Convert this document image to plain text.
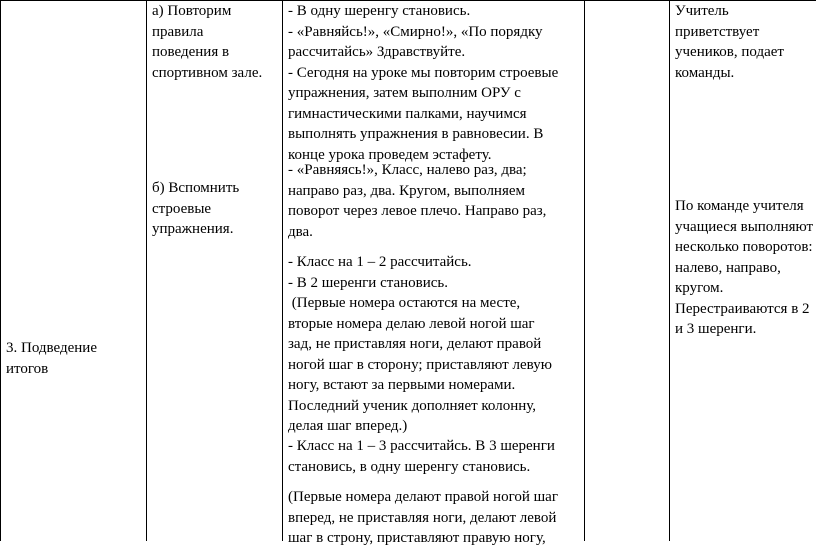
3. Подведение

итогов

а) Повторим

правила

поведения в

спортивном зале.

б) Вспомнить

строевые

упражнения.

- В одну шеренгу становись.

- «Равняйсь!», «Смирно!», «По порядку

рассчитайсь» Здравствуйте.

- Сегодня на уроке мы повторим строевые

упражнения, затем выполним ОРУ с

гимнастическими палками, научимся

выполнять упражнения в равновесии. В

конце урока проведем эстафету.

- «Равняясь!», Класс, налево раз, два;

направо раз, два. Кругом, выполняем

поворот через левое плечо. Направо раз,

два.

- Класс на 1 – 2 рассчитайсь.

- В 2 шеренги становись.

(Первые номера остаются на месте,

вторые номера делаю левой ногой шаг

зад, не приставляя ноги, делают правой

ногой шаг в сторону; приставляют левую

ногу, встают за первыми номерами.

Последний ученик дополняет колонну,

делая шаг вперед.)

- Класс на 1 – 3 рассчитайсь. В 3 шеренги

становись, в одну шеренгу становись.

(Первые номера делают правой ногой шаг

вперед, не приставляя ноги, делают левой

шаг в строну, приставляют правую ногу,

Учитель

приветствует

учеников, подает

команды.

По команде учителя

учащиеся выполняют

несколько поворотов:

налево, направо,

кругом.

Перестраиваются в 2

и 3 шеренги.
